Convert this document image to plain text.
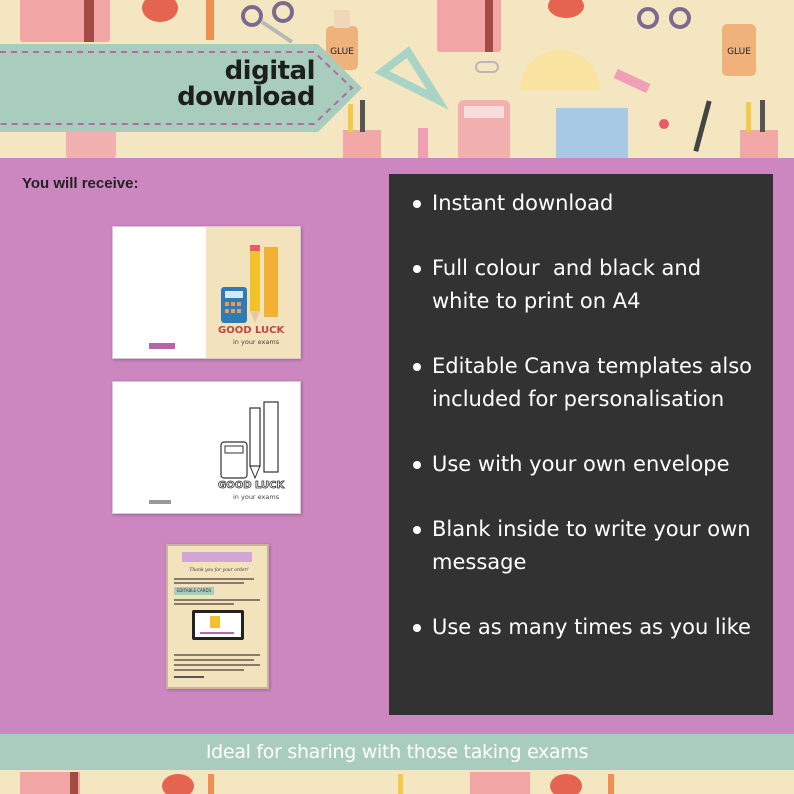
GLUE	GLUE
digital
download
You will receive:
GOOD LUCK
in your exams
GOOD LUCK
in your exams
Thank you for your order!
EDITABLE CARDS
Instant download
Full colour  and black and white to print on A4
Editable Canva templates also included for personalisation
Use with your own envelope
Blank inside to write your own message
Use as many times as you like
Ideal for sharing with those taking exams
